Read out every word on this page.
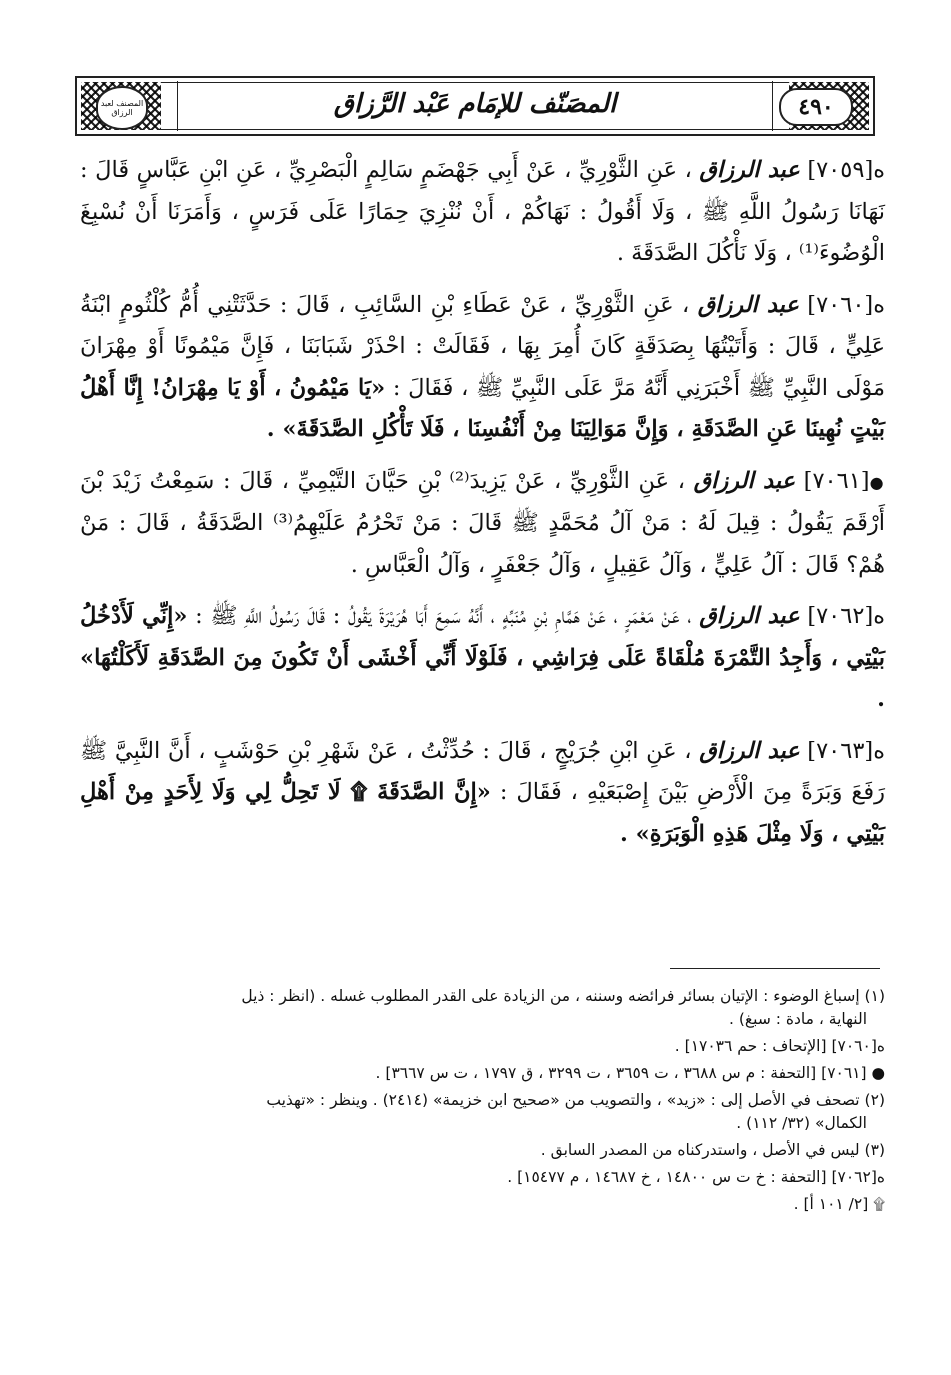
المصنف لعبد الرزاق	المصَنّف للإمَام عَبْد الرَّزاق	٤٩٠

ه[٧٠٥٩] عبد الرزاق ، عَنِ الثَّوْرِيِّ ، عَنْ أَبِي جَهْضَمٍ سَالِمٍ الْبَصْرِيِّ ، عَنِ ابْنِ عَبَّاسٍ قَالَ : نَهَانَا رَسُولُ اللَّهِ ﷺ ، وَلَا أَقُولُ : نَهَاكُمْ ، أَنْ نُنْزِيَ حِمَارًا عَلَى فَرَسٍ ، وَأَمَرَنَا أَنْ نُسْبِغَ الْوُضُوءَ⁽¹⁾ ، وَلَا نَأْكُلَ الصَّدَقَةَ .

ه[٧٠٦٠] عبد الرزاق ، عَنِ الثَّوْرِيِّ ، عَنْ عَطَاءِ بْنِ السَّائِبِ ، قَالَ : حَدَّثَتْنِي أُمُّ كُلْثُومٍ ابْنَةُ عَلِيٍّ ، قَالَ : وَأَتَيْتُهَا بِصَدَقَةٍ كَانَ أُمِرَ بِهَا ، فَقَالَتْ : احْذَرْ شَبَابَنَا ، فَإِنَّ مَيْمُونًا أَوْ مِهْرَانَ مَوْلَى النَّبِيِّ ﷺ أَخْبَرَنِي أَنَّهُ مَرَّ عَلَى النَّبِيِّ ﷺ ، فَقَالَ : «يَا مَيْمُونُ ، أَوْ يَا مِهْرَانُ! إِنَّا أَهْلُ بَيْتٍ نُهِينَا عَنِ الصَّدَقَةِ ، وَإِنَّ مَوَالِيَنَا مِنْ أَنْفُسِنَا ، فَلَا تَأْكُلِ الصَّدَقَةَ» .

●[٧٠٦١] عبد الرزاق ، عَنِ الثَّوْرِيِّ ، عَنْ يَزِيدَ⁽²⁾ بْنِ حَيَّانَ التَّيْمِيِّ ، قَالَ : سَمِعْتُ زَيْدَ بْنَ أَرْقَمَ يَقُولُ : قِيلَ لَهُ : مَنْ آلُ مُحَمَّدٍ ﷺ قَالَ : مَنْ تَحْرُمُ عَلَيْهِمُ⁽³⁾ الصَّدَقَةُ ، قَالَ : مَنْ هُمْ؟ قَالَ : آلُ عَلِيٍّ ، وَآلُ عَقِيلٍ ، وَآلُ جَعْفَرٍ ، وَآلُ الْعَبَّاسِ .

ه[٧٠٦٢] عبد الرزاق ، عَنْ مَعْمَرٍ ، عَنْ هَمَّامِ بْنِ مُنَبِّهٍ ، أَنَّهُ سَمِعَ أَبَا هُرَيْرَةَ يَقُولُ : قَالَ رَسُولُ اللَّهِ ﷺ : «إِنِّي لَأَدْخُلُ بَيْتِي ، وَأَجِدُ التَّمْرَةَ مُلْقَاةً عَلَى فِرَاشِي ، فَلَوْلَا أَنِّي أَخْشَى أَنْ تَكُونَ مِنَ الصَّدَقَةِ لَأَكَلْتُهَا» .

ه[٧٠٦٣] عبد الرزاق ، عَنِ ابْنِ جُرَيْجٍ ، قَالَ : حُدِّثْتُ ، عَنْ شَهْرِ بْنِ حَوْشَبٍ ، أَنَّ النَّبِيَّ ﷺ رَفَعَ وَبَرَةً مِنَ الْأَرْضِ بَيْنَ إِصْبَعَيْهِ ، فَقَالَ : «إِنَّ الصَّدَقَةَ ۩ لَا تَحِلُّ لِي وَلَا لِأَحَدٍ مِنْ أَهْلِ بَيْتِي ، وَلَا مِثْلَ هَذِهِ الْوَبَرَةِ» .

(١) إسباغ الوضوء : الإتيان بسائر فرائضه وسننه ، من الزيادة على القدر المطلوب غسله . (انظر : ذيل
النهاية ، مادة : سبغ) .

ه[٧٠٦٠] [الإتحاف : حم ١٧٠٣٦] .

● [٧٠٦١] [التحفة : م س ٣٦٨٨ ، ت ٣٦٥٩ ، ت ٣٢٩٩ ، ق ١٧٩٧ ، ت س ٣٦٦٧] .

(٢) تصحف في الأصل إلى : «زيد» ، والتصويب من «صحيح ابن خزيمة» (٢٤١٤) . وينظر : «تهذيب
الكمال» (٣٢/ ١١٢) .

(٣) ليس في الأصل ، واستدركناه من المصدر السابق .

ه[٧٠٦٢] [التحفة : خ ت س ١٤٨٠٠ ، خ ١٤٦٨٧ ، م ١٥٤٧٧] .

۩ [٢/ ١٠١ أ] .
